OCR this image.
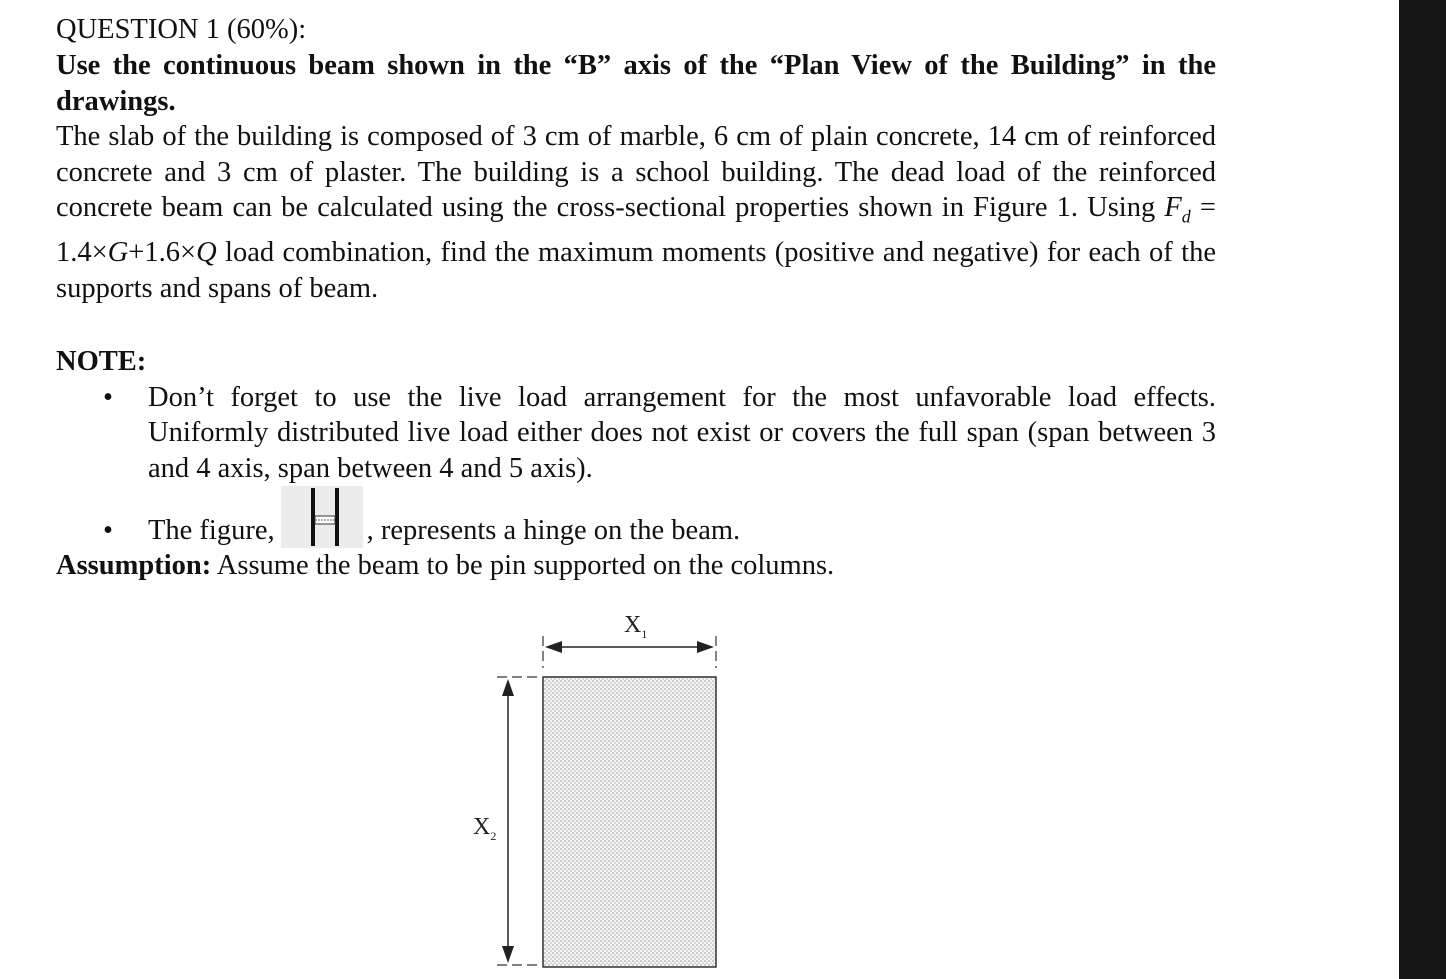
QUESTION 1 (60%):
Use the continuous beam shown in the “B” axis of the “Plan View of the Building” in the drawings.
The slab of the building is composed of 3 cm of marble, 6 cm of plain concrete, 14 cm of reinforced concrete and 3 cm of plaster. The building is a school building. The dead load of the reinforced concrete beam can be calculated using the cross-sectional properties shown in Figure 1. Using $F_d = 1.4\times G+1.6\times Q$ load combination, find the maximum moments (positive and negative) for each of the supports and spans of beam.
NOTE:
• Don’t forget to use the live load arrangement for the most unfavorable load effects. Uniformly distributed live load either does not exist or covers the full span (span between 3 and 4 axis, span between 4 and 5 axis).
• The figure,	, represents a hinge on the beam.
Assumption: Assume the beam to be pin supported on the columns.
$X_1$
$X_2$
